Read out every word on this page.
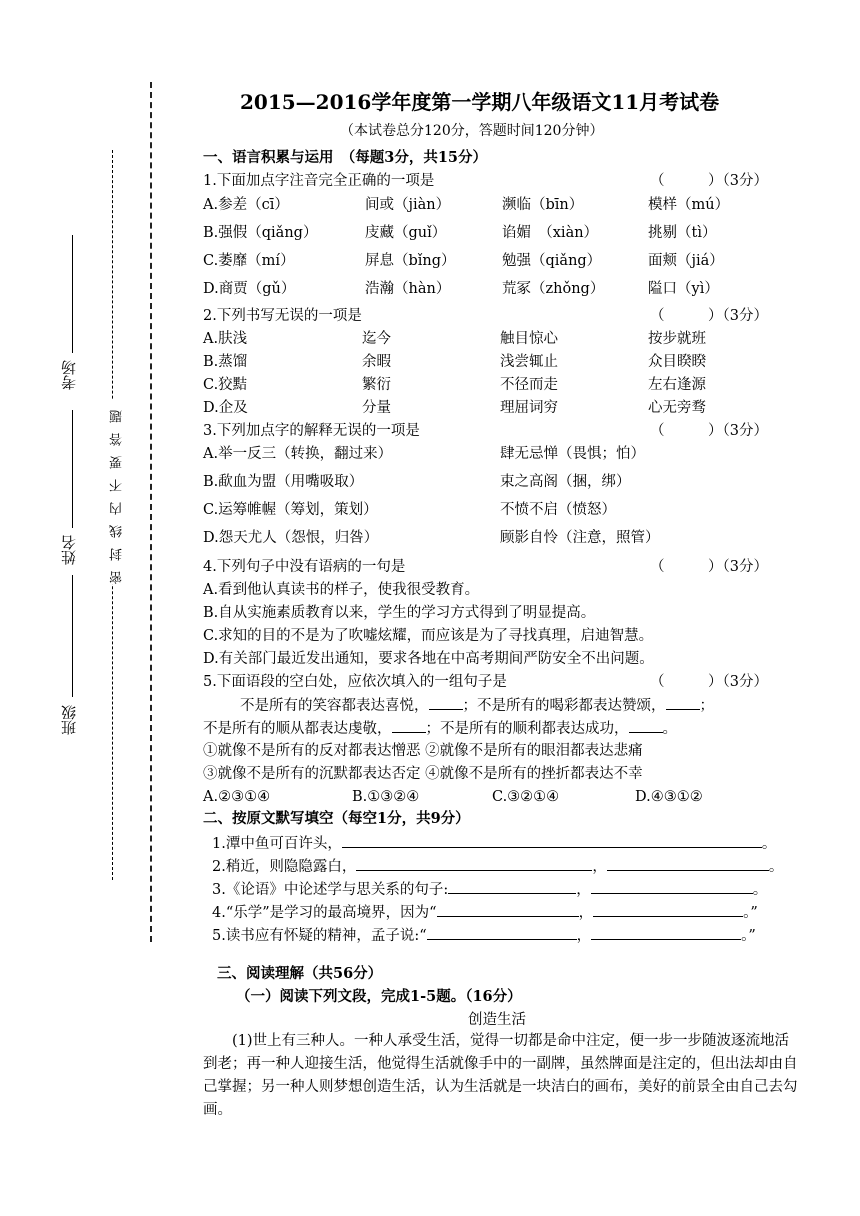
班级
姓名
考场
密封线内不要答题
2015—2016学年度第一学期八年级语文11月考试卷
（本试卷总分120分，答题时间120分钟）
一、语言积累与运用　（每题3分，共15分）
1.下面加点字注音完全正确的一项是	（　　　）（3分）
A.参差（cī）	间或（jiàn）	濒临（bīn）	模样（mú）
B.强假（qiǎng）	庋藏（guǐ）	谄媚　（xiàn）	挑剔（tì）
C.萎靡（mí）	屏息（bǐng）	勉强（qiǎng）	面颊（jiá）
D.商贾（gǔ）	浩瀚（hàn）	荒冢（zhǒng）	隘口（yì）
2.下列书写无误的一项是	（　　　）（3分）
A.肤浅	迄今	触目惊心	按步就班
B.蒸馏	余暇	浅尝辄止	众目睽睽
C.狡黠	繁衍	不径而走	左右逢源
D.企及	分量	理屈词穷	心无旁骛
3.下列加点字的解释无误的一项是	（　　　）（3分）
A.举一反三（转换，翻过来）	肆无忌惮（畏惧；怕）
B.歃血为盟（用嘴吸取）	束之高阁（捆，绑）
C.运筹帷幄（筹划，策划）	不愤不启（愤怒）
D.怨天尤人（怨恨，归咎）	顾影自怜（注意，照管）
4.下列句子中没有语病的一句是	（　　　）（3分）
A.看到他认真读书的样子，使我很受教育。
B.自从实施素质教育以来，学生的学习方式得到了明显提高。
C.求知的目的不是为了吹嘘炫耀，而应该是为了寻找真理，启迪智慧。
D.有关部门最近发出通知，要求各地在中高考期间严防安全不出问题。
5.下面语段的空白处，应依次填入的一组句子是	（　　　）（3分）
不是所有的笑容都表达喜悦， ；不是所有的喝彩都表达赞颂， ；
不是所有的顺从都表达虔敬， ；不是所有的顺利都表达成功， 。
①就像不是所有的反对都表达憎恶 ②就像不是所有的眼泪都表达悲痛
③就像不是所有的沉默都表达否定 ④就像不是所有的挫折都表达不幸
A.②③①④	B.①③②④	C.③②①④	D.④③①②
二、按原文默写填空（每空1分，共9分）
1.潭中鱼可百许头，	。
2.稍近，则隐隐露白，	，	。
3.《论语》中论述学与思关系的句子:	，	。
4.“乐学”是学习的最高境界，因为“	，	。”
5.读书应有怀疑的精神，孟子说:“	，	。”
三、阅读理解（共56分）
（一）阅读下列文段，完成1-5题。（16分）
创造生活
(1)世上有三种人。一种人承受生活，觉得一切都是命中注定，便一步一步随波逐流地活到老；再一种人迎接生活，他觉得生活就像手中的一副牌，虽然牌面是注定的，但出法却由自己掌握；另一种人则梦想创造生活，认为生活就是一块洁白的画布，美好的前景全由自己去勾画。
